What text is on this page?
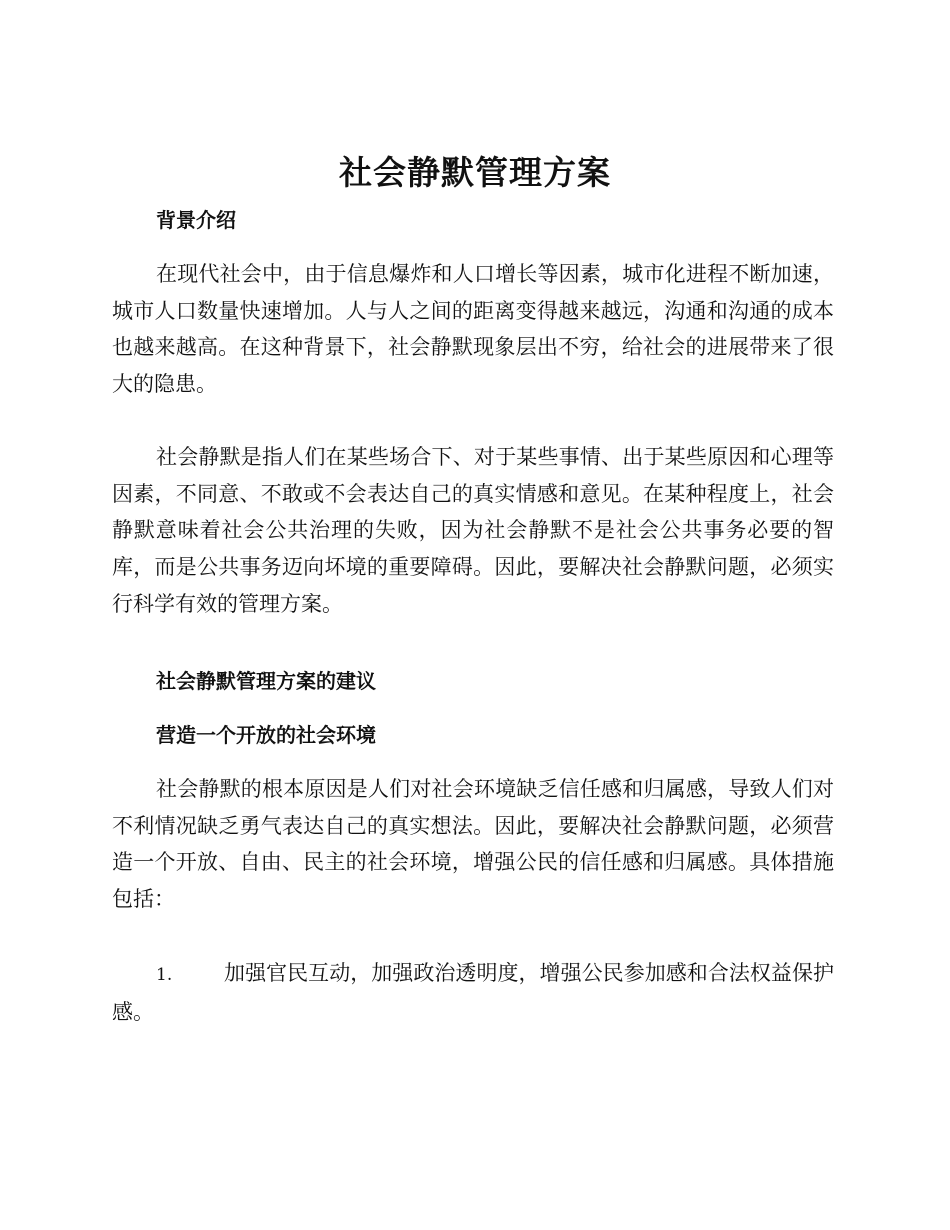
社会静默管理方案
背景介绍
在现代社会中，由于信息爆炸和人口增长等因素，城市化进程不断加速，城市人口数量快速增加。人与人之间的距离变得越来越远，沟通和沟通的成本也越来越高。在这种背景下，社会静默现象层出不穷，给社会的进展带来了很大的隐患。
社会静默是指人们在某些场合下、对于某些事情、出于某些原因和心理等因素，不同意、不敢或不会表达自己的真实情感和意见。在某种程度上，社会静默意味着社会公共治理的失败，因为社会静默不是社会公共事务必要的智库，而是公共事务迈向坏境的重要障碍。因此，要解决社会静默问题，必须实行科学有效的管理方案。
社会静默管理方案的建议
营造一个开放的社会环境
社会静默的根本原因是人们对社会环境缺乏信任感和归属感，导致人们对不利情况缺乏勇气表达自己的真实想法。因此，要解决社会静默问题，必须营造一个开放、自由、民主的社会环境，增强公民的信任感和归属感。具体措施包括：
1. 加强官民互动，加强政治透明度，增强公民参加感和合法权益保护感。
